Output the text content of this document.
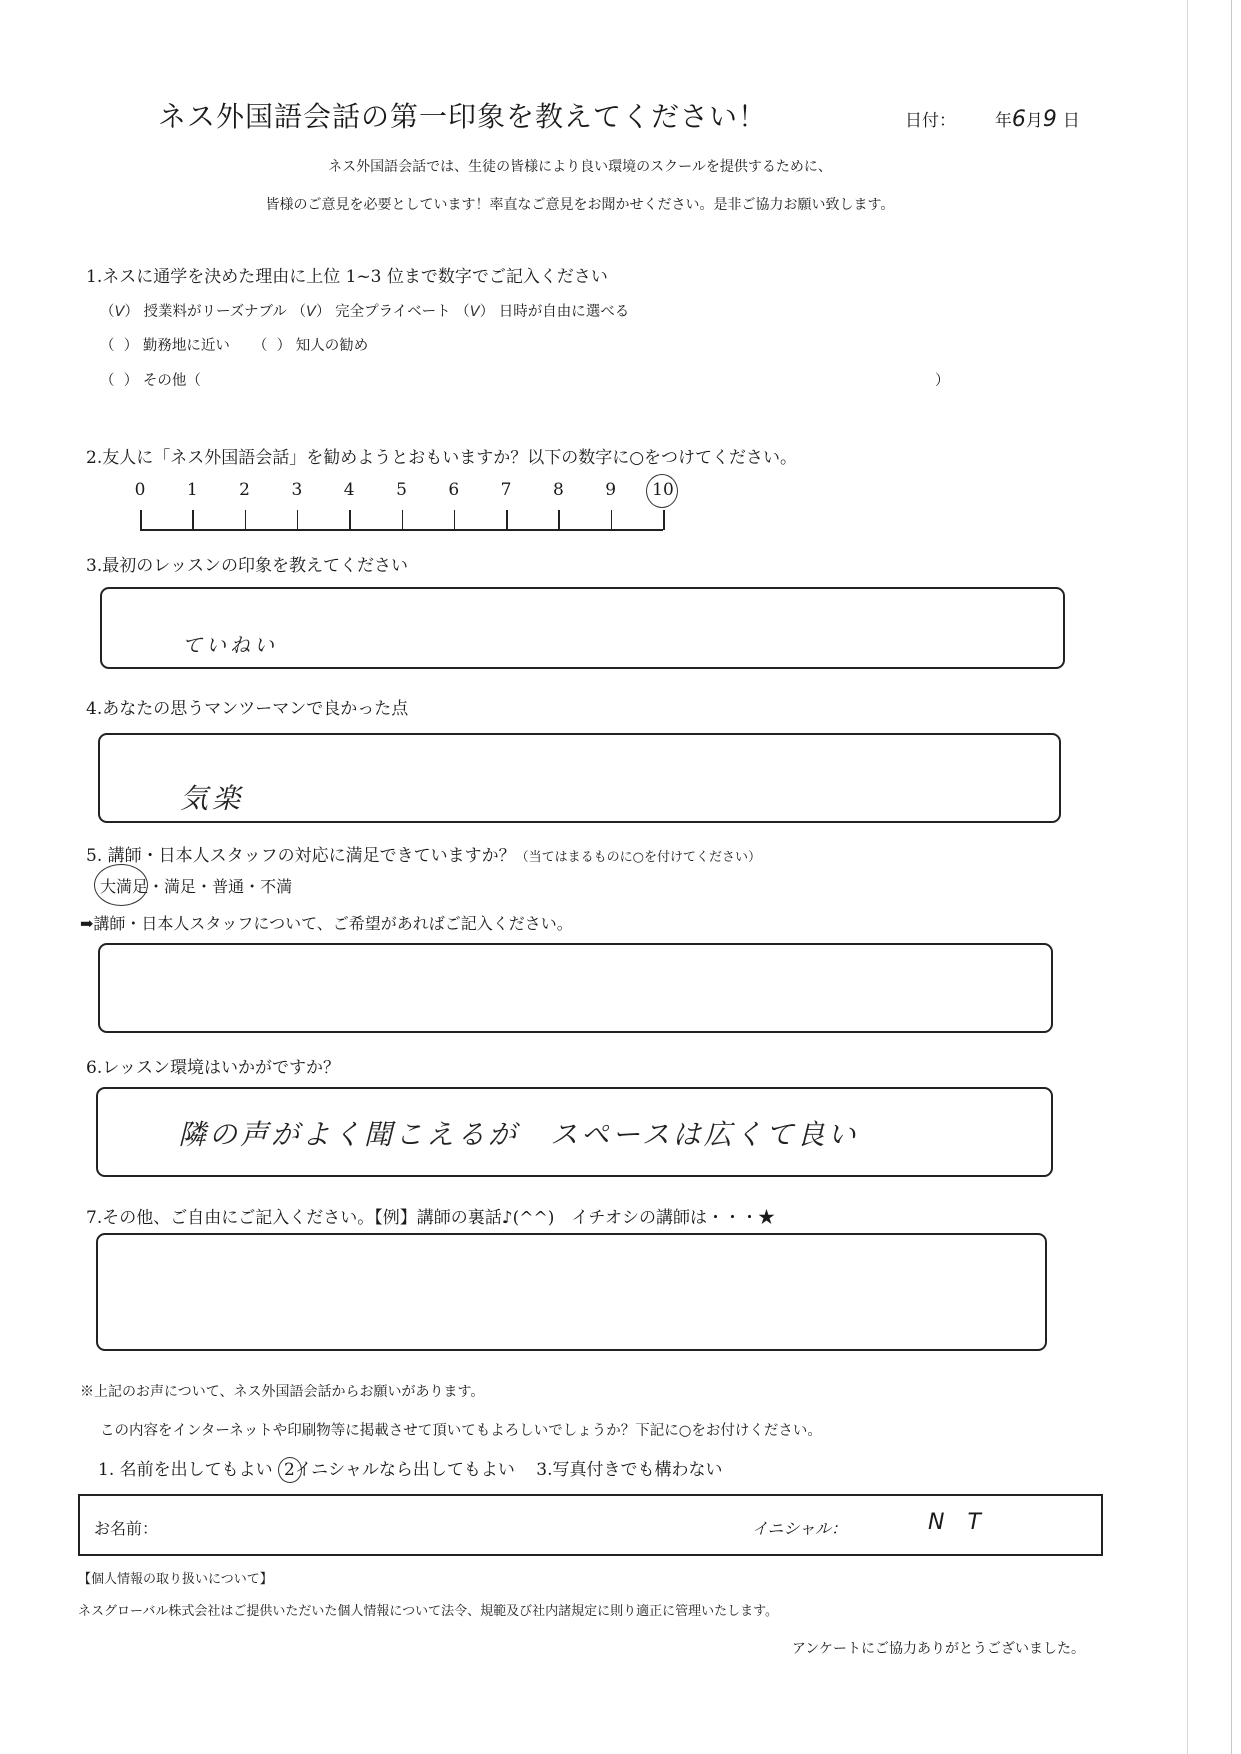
ネス外国語会話の第一印象を教えてください！	日付： 年6月9 日
ネス外国語会話では、生徒の皆様により良い環境のスクールを提供するために、
皆様のご意見を必要としています！率直なご意見をお聞かせください。是非ご協力お願い致します。
1.ネスに通学を決めた理由に上位 1~3 位まで数字でご記入ください
（V） 授業料がリーズナブル （V） 完全プライベート （V） 日時が自由に選べる
（ ） 勤務地に近い （ ） 知人の勧め
（ ） その他（	）
2.友人に「ネス外国語会話」を勧めようとおもいますか？以下の数字に○をつけてください。
0 1 2 3 4 5 6 7 8 9 10
3.最初のレッスンの印象を教えてください
ていねい
4.あなたの思うマンツーマンで良かった点
気楽
5. 講師・日本人スタッフの対応に満足できていますか？（当てはまるものに○を付けてください）
大満足
・満足・普通・不満
➡講師・日本人スタッフについて、ご希望があればご記入ください。
6.レッスン環境はいかがですか？
隣の声がよく聞こえるが　スペースは広くて良い
7.その他、ご自由にご記入ください。【例】講師の裏話♪(^^)　イチオシの講師は・・・★
※上記のお声について、ネス外国語会話からお願いがあります。
この内容をインターネットや印刷物等に掲載させて頂いてもよろしいでしょうか？下記に○をお付けください。
1. 名前を出してもよい 2
イニシャルなら出してもよい 3.写真付きでも構わない
お名前：	イニシャル：	N T
【個人情報の取り扱いについて】
ネスグローバル株式会社はご提供いただいた個人情報について法令、規範及び社内諸規定に則り適正に管理いたします。
アンケートにご協力ありがとうございました。
